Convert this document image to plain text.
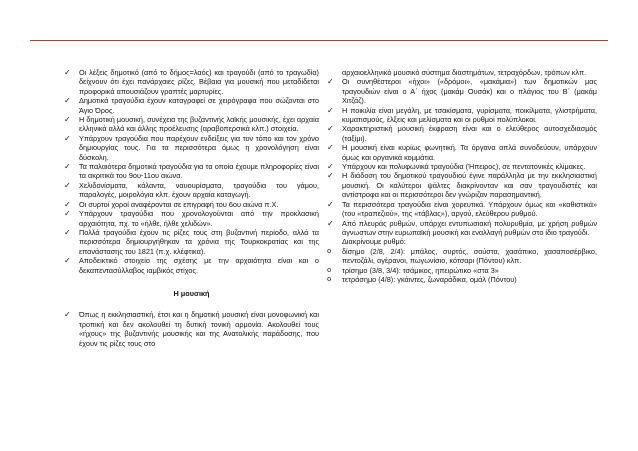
✓	Οι λέξεις δημοτικό (από το δήμος=λαός) και τραγούδι (από το τραγωδία) δείχνουν ότι έχει πανάρχαιες ρίζες. Βέβαια για μουσική που μεταδίδεται προφορικά απουσιάζουν γραπτές μαρτυρίες.
✓	Δημοτικά τραγούδια έχουν καταγραφεί σε χειρόγραφα που σώζονται στο Άγιο Όρος.
✓	Η δημοτική μουσική, συνέχεια της βυζαντινής λαϊκής μουσικής, έχει αρχαία ελληνικά αλλά και άλλης προέλευσης (αραβοπερσικά κλπ.) στοιχεία.
✓	Υπάρχουν τραγούδια που παρέχουν ενδείξεις για τον τόπο και τον χρόνο δημιουργίας τους. Για τα περισσότερα όμως η χρονολόγηση είναι δύσκολη.
✓	Τα παλαιότερα δημοτικά τραγούδια για τα οποία έχουμε πληροφορίες είναι τα ακριτικά του 9ου-11ου αιώνα.
✓	Χελιδονίσματα, κάλαντα, ναυουρίσματα, τραγούδια του γάμου, παραλογές, μοιρολόγια κλπ. έχουν αρχαία καταγωγή.
✓	Οι συρτοί χοροί αναφέρονται σε επιγραφή του 6ου αιώνα π.Χ.
✓	Υπάρχουν τραγούδια που χρονολογούνται από την προκλασική αρχαιότητα, πχ. το «ήλθε, ήλθε χελιδών».
✓	Πολλά τραγούδια έχουν τις ρίζες τους στη βυζαντινή περίοδο, αλλά τα περισσότερα δημιουργήθηκαν τα χρόνια της Τουρκοκρατίας και της επανάστασης του 1821 (π.χ. κλέφτικα).
✓	Αποδεικτικό στοιχείο της σχέσης με την αρχαιότητα είναι και ο δεκαπεντασύλλαβος ιαμβικός στίχος.
Η μουσική
✓	Όπως η εκκλησιαστική, έτσι και η δημοτική μουσική είναι μονοφωνική και τροπική και δεν ακολουθεί τη δυτική τονική αρμονία. Ακολουθεί τους «ήχους» της βυζαντινής μουσικής και της Ανατολικής παράδοσης, που έχουν τις ρίζες τους στο
αρχαιοελληνικό μουσικό σύστημα διαστημάτων, τετραχόρδων, τρόπων κλπ.
✓	Οι συνηθέστεροι «ήχοι» («δρόμοι», «μακάμια») των δημοτικών μας τραγουδιών είναι ο Α΄ ήχος (μακάμ Ουσάκ) και ο πλάγιος του Β΄ (μακάμ Χιτζάζ).
✓	Η ποικιλία είναι μεγάλη, με τσακίσματα, γυρίσματα, ποικίλματα, γλιστρήματα, κυματισμούς, έλξεις και μελίσματα και οι ρυθμοί πολύπλοκοι.
✓	Χαρακτηριστική μουσική έκφραση είναι και ο ελεύθερος αυτοσχεδιασμός (ταξίμι).
✓	Η μουσική είναι κυρίως φωνητική. Τα όργανα απλά συνοδεύουν, υπάρχουν όμως και οργανικά κομμάτια.
✓	Υπάρχουν και πολυφωνικά τραγούδια (Ήπειρος), σε πεντατονικές κλίμακες.
✓	Η διάδοση του δημοτικού τραγουδιού έγινε παράλληλα με την εκκλησιαστική μουσική. Οι καλύτεροι ψάλτες διακρίνονταν και σαν τραγουδιστές και αντίστροφα και οι περισσότεροι δεν γνώριζαν παρασημαντική.
✓	Τα περισσότερα τραγούδια είναι χορευτικά. Υπάρχουν όμως και «καθιστικά» (του «τραπεζιού», της «τάβλας»), αργού, ελεύθερου ρυθμού.
✓	Από πλευράς ρυθμών, υπάρχει εντυπωσιακή πολυρυθμία, με χρήση ρυθμών άγνωστων στην ευρωπαϊκή μουσική και εναλλαγή ρυθμών στο ίδιο τραγούδι.
Διακρίνουμε ρυθμό:
o	δίσημο (2/8, 2/4): μπάλος, συρτός, σούστα, χασάπικο, χασαποσέρβικο, πεντοζάλι, αγέρανοι, πωγωνίσιο, κότσαρι (Πόντου) κλπ.
o	τρίσημο (3/8, 3/4): τσάμικος, ηπειρώτικο «στα 3»
o	τετράσημο (4/8): γκάιντες, ζωναράδικα, ομάλ (Πόντου)
